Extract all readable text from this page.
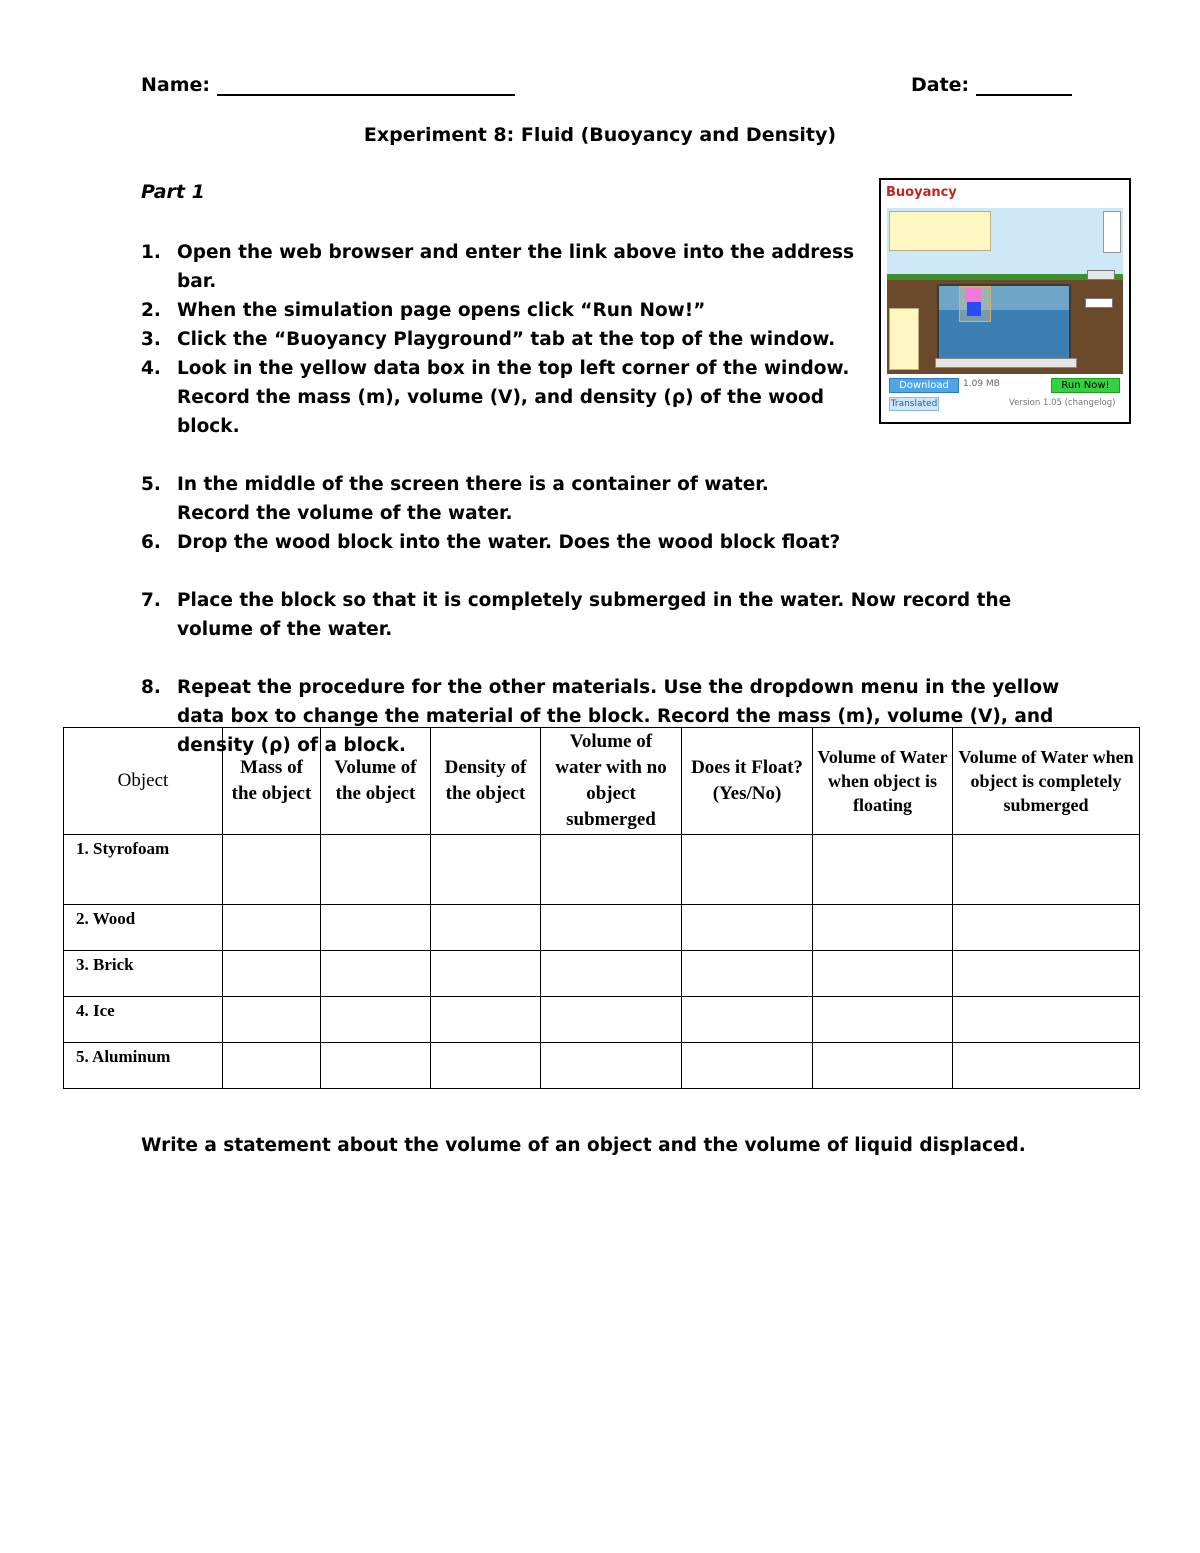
Name:	Date:
Experiment 8: Fluid (Buoyancy and Density)
Part 1
1. Open the web browser and enter the link above into the address bar.
2. When the simulation page opens click “Run Now!”
3. Click the “Buoyancy Playground” tab at the top of the window.
4. Look in the yellow data box in the top left corner of the window. Record the mass (m), volume (V), and density (ρ) of the wood block.
5. In the middle of the screen there is a container of water. Record the volume of the water.
6. Drop the wood block into the water. Does the wood block float?
7. Place the block so that it is completely submerged in the water. Now record the volume of the water.
8. Repeat the procedure for the other materials. Use the dropdown menu in the yellow data box to change the material of the block. Record the mass (m), volume (V), and density (ρ) of a block.
Buoyancy
Download	1.09 MB	Run Now!
Translated	Version 1.05 (changelog)
Object	Mass of the object	Volume of the object	Density of the object	Volume of water with no object submerged	Does it Float? (Yes/No)	Volume of Water when object is floating	Volume of Water when object is completely submerged
1. Styrofoam							
2. Wood							
3. Brick							
4. Ice							
5. Aluminum							
Write a statement about the volume of an object and the volume of liquid displaced.
